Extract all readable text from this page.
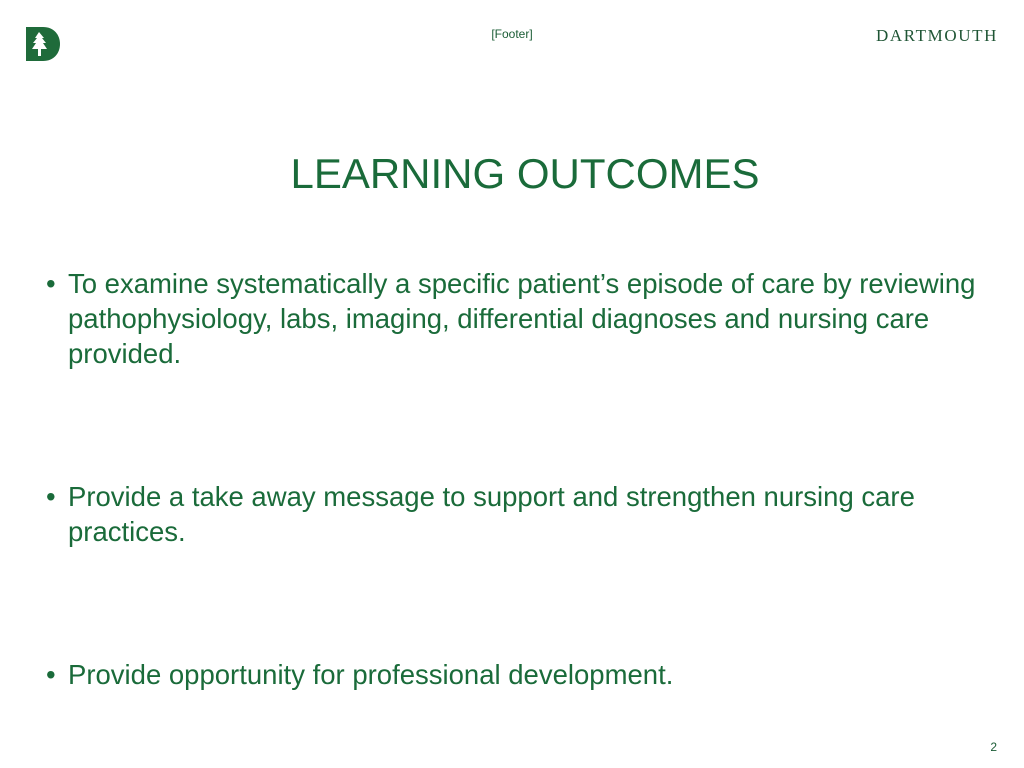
[Footer]	DARTMOUTH
LEARNING OUTCOMES
• To examine systematically a specific patient’s episode of care by reviewing pathophysiology, labs, imaging, differential diagnoses and nursing care provided.
• Provide a take away message to support and strengthen nursing care practices.
• Provide opportunity for professional development.
2
